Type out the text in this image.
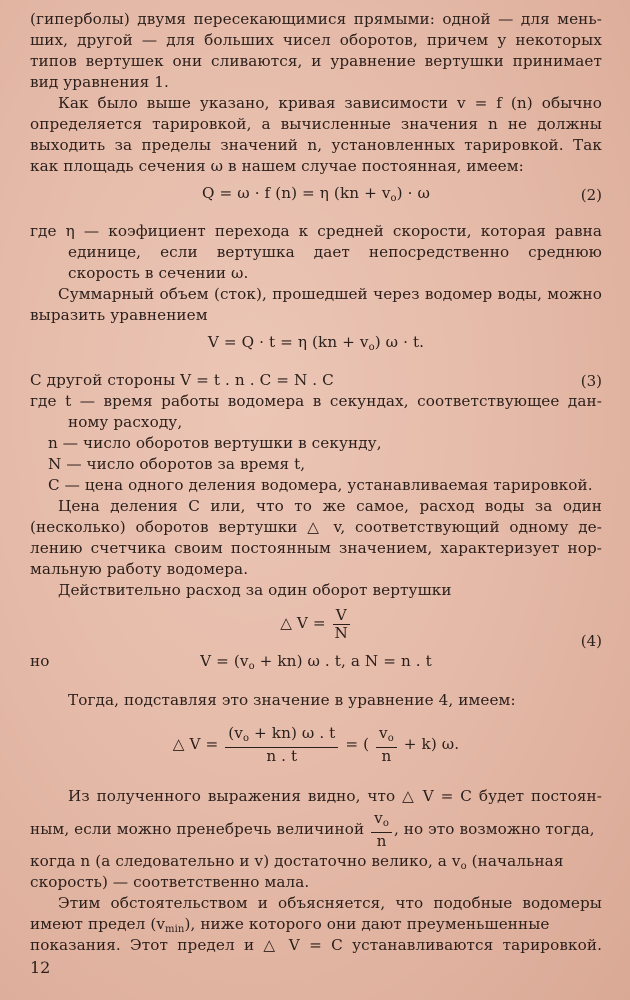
(гиперболы) двумя пересекающимися прямыми: одной — для мень-
ших, другой — для больших чисел оборотов, причем у некоторых
типов вертушек они сливаются, и уравнение вертушки принимает
вид уравнения 1.
Как было выше указано, кривая зависимости v = f (n) обычно
определяется тарировкой, а вычисленные значения n не должны
выходить за пределы значений n, установленных тарировкой. Так
как площадь сечения ω в нашем случае постоянная, имеем:
Q = ω · f (n) = η $(kn + v_o) \cdot \omega$	(2)
где η — коэфициент перехода к средней скорости, которая равна
единице, если вертушка дает непосредственно среднюю
скорость в сечении ω.
Суммарный объем (сток), прошедшей через водомер воды, можно
выразить уравнением
V = Q · t = η $(kn + v_o)$ ω · t.
С другой стороны V = t . n . C = N . C	(3)
где t — время работы водомера в секундах, соответствующее дан-
ному расходу,
n — число оборотов вертушки в секунду,
N — число оборотов за время t,
C — цена одного деления водомера, устанавливаемая тарировкой.
Цена деления C или, что то же самое, расход воды за один
(несколько) оборотов вертушки △ v, соответствующий одному де-
лению счетчика своим постоянным значением, характеризует нор-
мальную работу водомера.
Действительно расход за один оборот вертушки
△ $V = \frac{V}{N}$	(4)
но	$V = (v_o + kn)$ ω . t, а N = n . t
Тогда, подставляя это значение в уравнение 4, имеем:
△ $V = \frac{(v_o + kn) \omega . t}{n . t}$ = ( $\frac{v_o}{n} + k$) ω.
Из полученного выражения видно, что △ V = C будет постоян-
ным, если можно пренебречь величиной $\frac{v_o}{n}$ , но это возможно тогда,
когда n (а следовательно и v) достаточно велико, а $v_o$ (начальная
скорость) — соответственно мала.
Этим обстоятельством и объясняется, что подобные водомеры
имеют предел $(v_{min})$, ниже которого они дают преуменьшенные
показания. Этот предел и △ V = C устанавливаются тарировкой.
12
